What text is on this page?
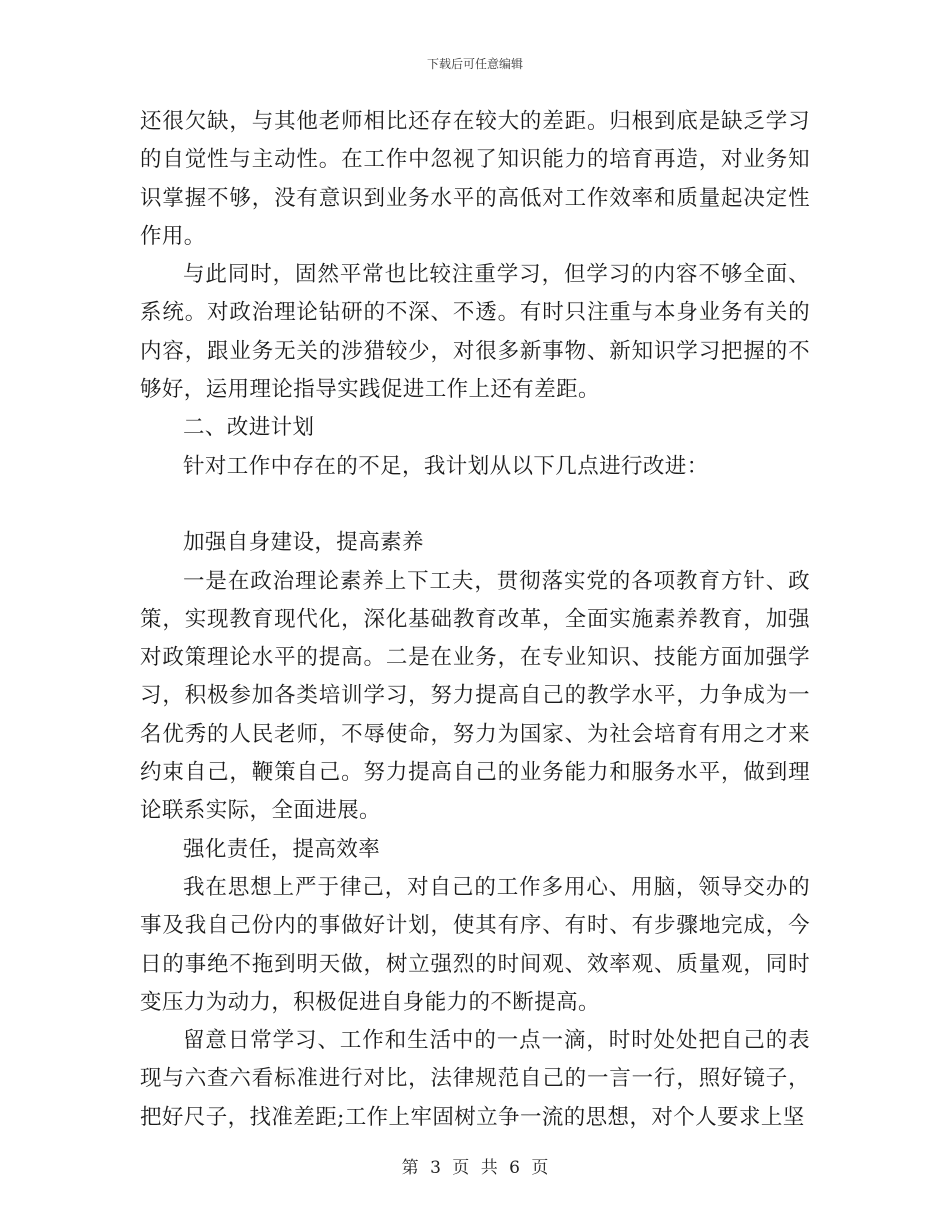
下载后可任意编辑

还很欠缺，与其他老师相比还存在较大的差距。归根到底是缺乏学习的自觉性与主动性。在工作中忽视了知识能力的培育再造，对业务知识掌握不够，没有意识到业务水平的高低对工作效率和质量起决定性作用。

与此同时，固然平常也比较注重学习，但学习的内容不够全面、系统。对政治理论钻研的不深、不透。有时只注重与本身业务有关的内容，跟业务无关的涉猎较少，对很多新事物、新知识学习把握的不够好，运用理论指导实践促进工作上还有差距。

二、改进计划

针对工作中存在的不足，我计划从以下几点进行改进：

加强自身建设，提高素养

一是在政治理论素养上下工夫，贯彻落实党的各项教育方针、政策，实现教育现代化，深化基础教育改革，全面实施素养教育，加强对政策理论水平的提高。二是在业务，在专业知识、技能方面加强学习，积极参加各类培训学习，努力提高自己的教学水平，力争成为一名优秀的人民老师，不辱使命，努力为国家、为社会培育有用之才来约束自己，鞭策自己。努力提高自己的业务能力和服务水平，做到理论联系实际，全面进展。

强化责任，提高效率

我在思想上严于律己，对自己的工作多用心、用脑，领导交办的事及我自己份内的事做好计划，使其有序、有时、有步骤地完成，今日的事绝不拖到明天做，树立强烈的时间观、效率观、质量观，同时变压力为动力，积极促进自身能力的不断提高。

留意日常学习、工作和生活中的一点一滴，时时处处把自己的表现与六查六看标准进行对比，法律规范自己的一言一行，照好镜子，把好尺子，找准差距;工作上牢固树立争一流的思想，对个人要求上坚

第 3 页 共 6 页
